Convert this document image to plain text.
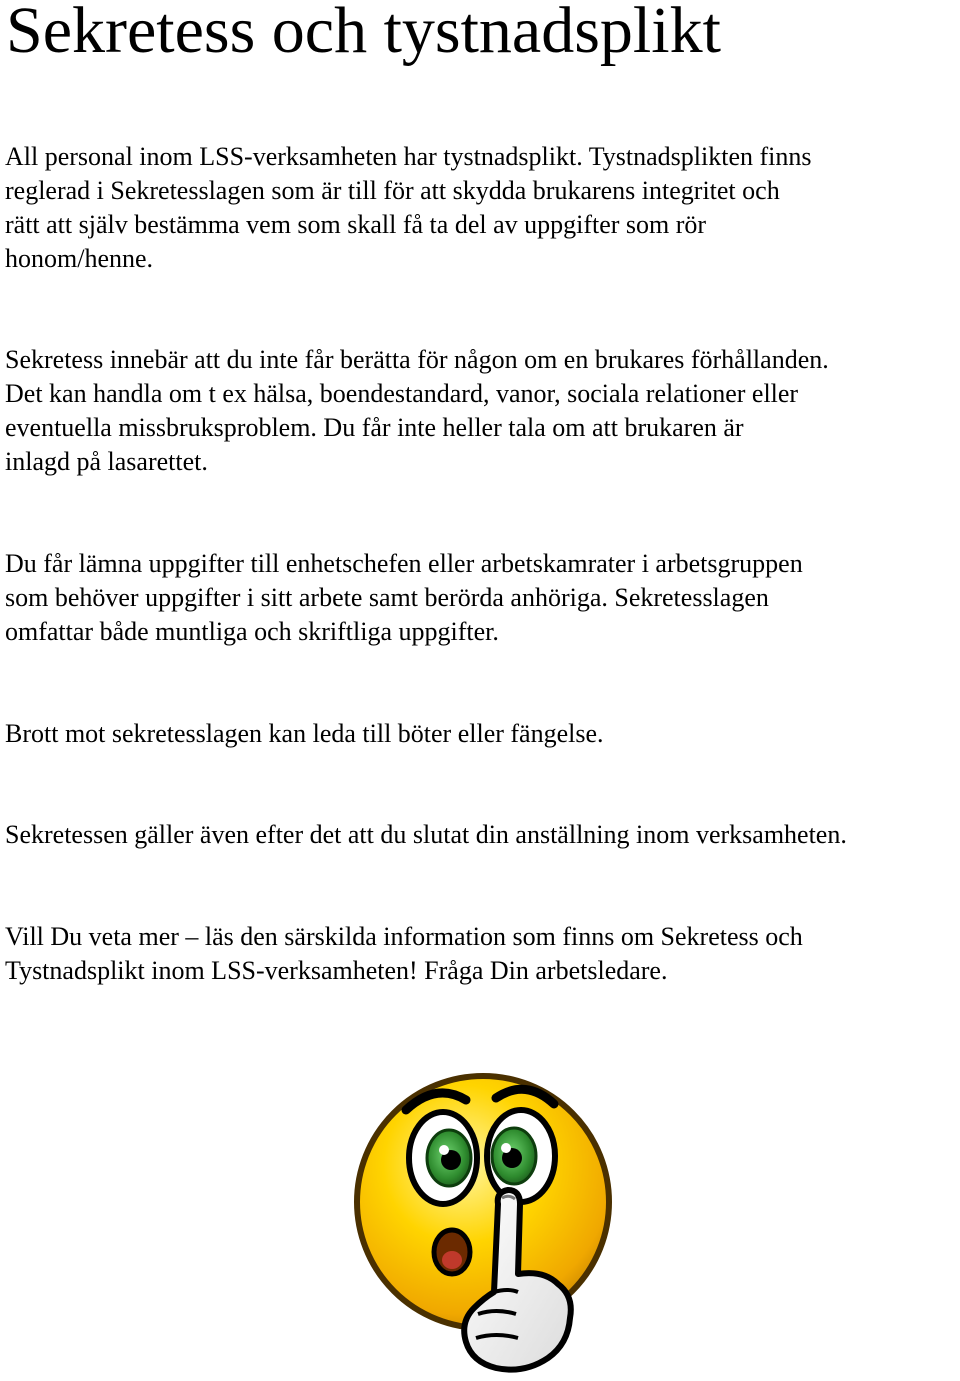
Sekretess och tystnadsplikt
All personal inom LSS-verksamheten har tystnadsplikt. Tystnadsplikten finns
reglerad i Sekretesslagen som är till för att skydda brukarens integritet och
rätt att själv bestämma vem som skall få ta del av uppgifter som rör
honom/henne.
Sekretess innebär att du inte får berätta för någon om en brukares förhållanden.
Det kan handla om t ex hälsa, boendestandard, vanor, sociala relationer eller
eventuella missbruksproblem. Du får inte heller tala om att brukaren är
inlagd på lasarettet.
Du får lämna uppgifter till enhetschefen eller arbetskamrater i arbetsgruppen
som behöver uppgifter i sitt arbete samt berörda anhöriga. Sekretesslagen
omfattar både muntliga och skriftliga uppgifter.
Brott mot sekretesslagen kan leda till böter eller fängelse.
Sekretessen gäller även efter det att du slutat din anställning inom verksamheten.
Vill Du veta mer – läs den särskilda information som finns om Sekretess och
Tystnadsplikt inom LSS-verksamheten! Fråga Din arbetsledare.
